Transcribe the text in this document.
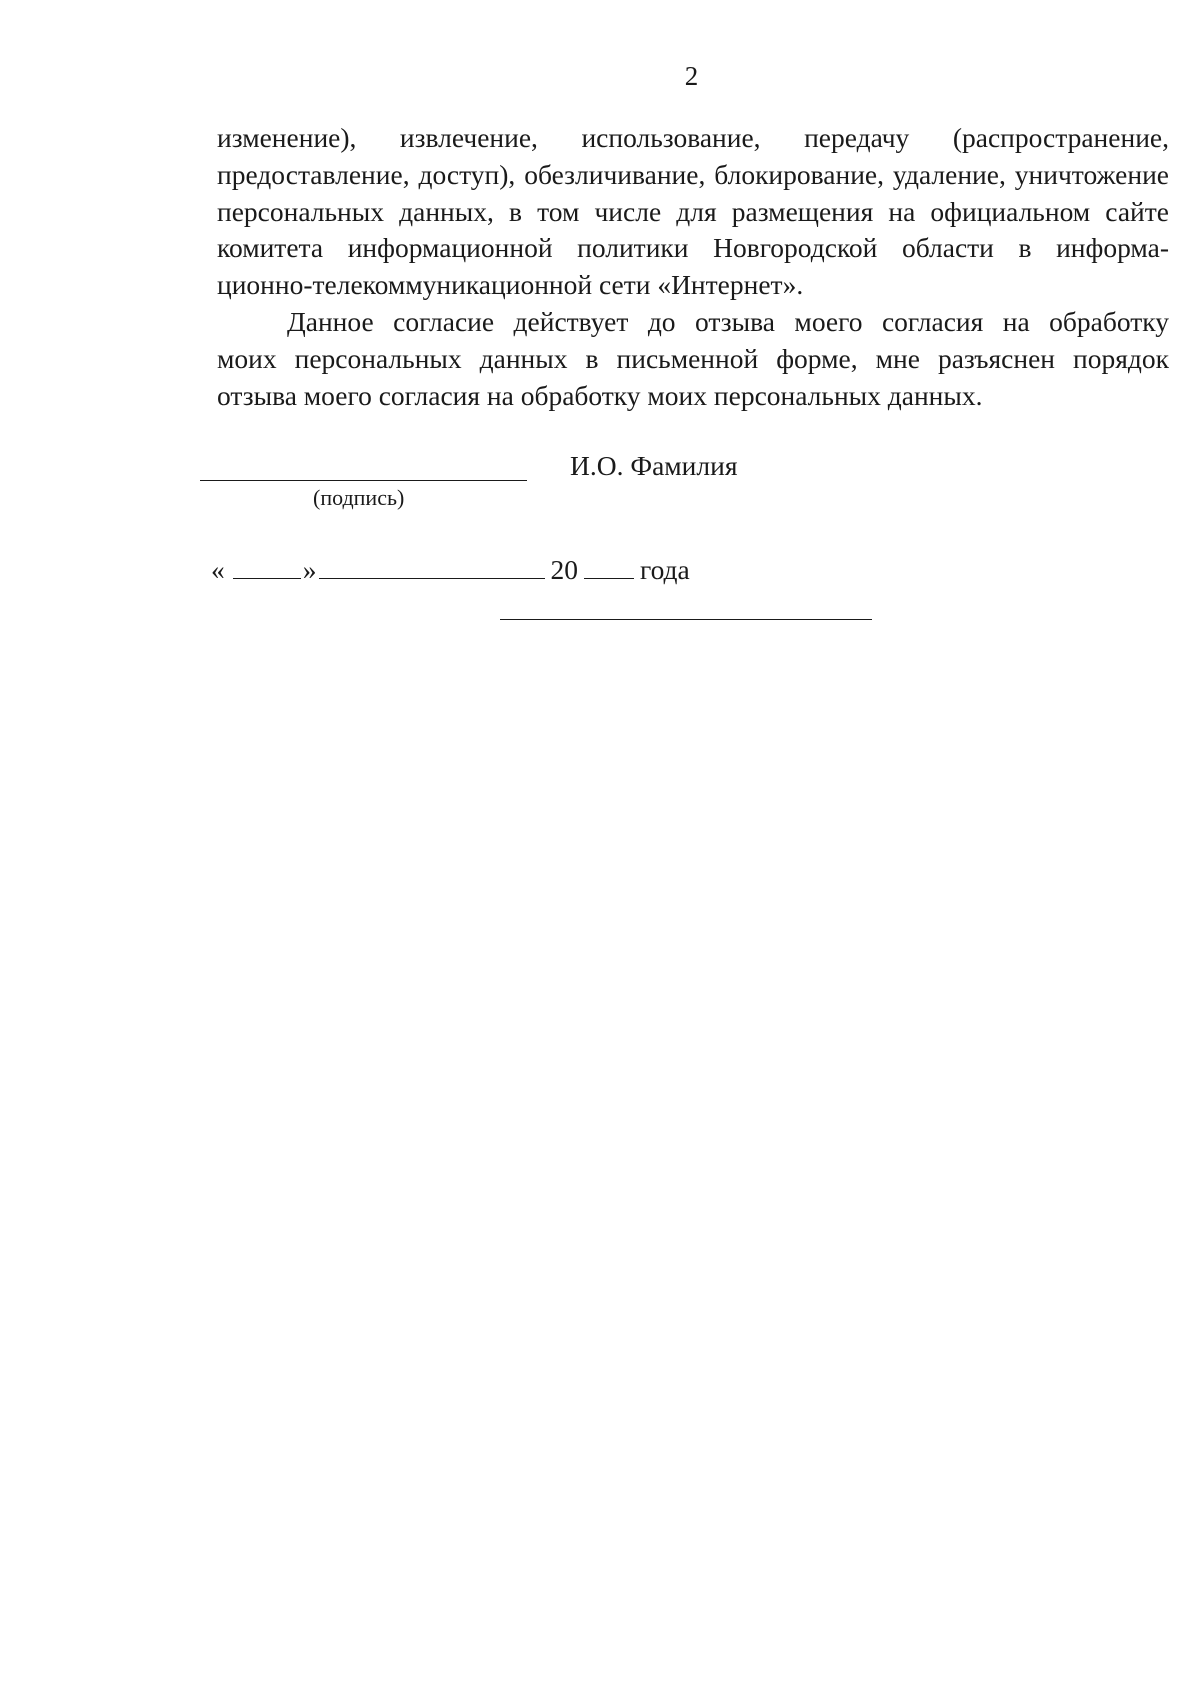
2
изменение), извлечение, использование, передачу (распространение,
предоставление, доступ), обезличивание, блокирование, удаление, уничтожение
персональных данных, в том числе для размещения на официальном сайте
комитета информационной политики Новгородской области в информа-
ционно-телекоммуникационной сети «Интернет».
Данное согласие действует до отзыва моего согласия на обработку
моих персональных данных в письменной форме, мне разъяснен порядок
отзыва моего согласия на обработку моих персональных данных.
(подпись)
И.О. Фамилия
«	»	20 года
